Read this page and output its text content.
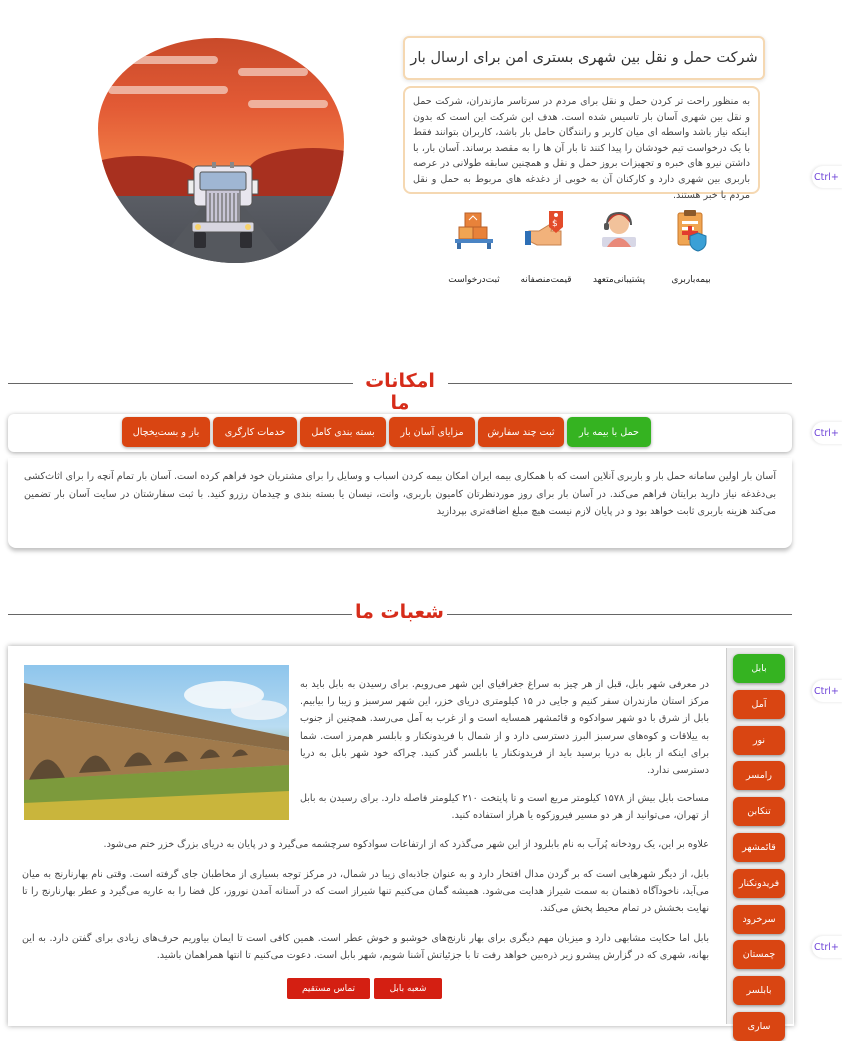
شرکت حمل و نقل بین شهری بستری امن برای ارسال بار
به منظور راحت تر کردن حمل و نقل برای مردم در سرتاسر مازندران، شرکت حمل و نقل بین شهری آسان بار تاسیس شده است. هدف این شرکت این است که بدون اینکه نیاز باشد واسطه ای میان کاربر و رانندگان حامل بار باشد، کاربران بتوانند فقط با یک درخواست تیم خودشان را پیدا کنند تا بار آن ها را به مقصد برساند. آسان بار، با داشتن نیرو های خبره و تجهیزات بروز حمل و نقل و همچنین سابقه طولانی در عرصه باربری بین شهری دارد و کارکنان آن به خوبی از دغدغه های مربوط به حمل و نقل مردم با خبر هستند.
بیمه‌باربری
پشتیبانی‌متعهد
$
قیمت‌منصفانه
ثبت‌درخواست
Ctrl+
امکانات ما
حمل با بیمه بار
ثبت چند سفارش
مزایای آسان بار
بسته بندی کامل
خدمات کارگری
باز و بست‌یخچال
آسان بار اولین سامانه حمل بار و باربری آنلاین است که با همکاری بیمه ایران امکان بیمه کردن اسباب و وسایل را برای مشتریان خود فراهم کرده است. آسان بار تمام آنچه را برای اثاث‌کشی بی‌دغدغه نیاز دارید برایتان فراهم می‌کند. در آسان بار برای روز موردنظرتان کامیون باربری، وانت، نیسان یا بسته بندی و چیدمان رزرو کنید. با ثبت سفارشتان در سایت آسان بار تضمین می‌کند هزینه باربری ثابت خواهد بود و در پایان لازم نیست هیچ مبلغ اضافه‌تری بپردازید
Ctrl+
شعبات ما
بابل
آمل
نور
رامسر
تنکابن
قائمشهر
فریدونکنار
سرخرود
چمستان
بابلسر
ساری
در معرفی شهر بابل، قبل از هر چیز به سراغ جغرافیای این شهر می‌رویم. برای رسیدن به بابل باید به مرکز استان مازندران سفر کنیم و جایی در ۱۵ کیلومتری دریای خزر، این شهر سرسبز و زیبا را بیابیم. بابل از شرق با دو شهر سوادکوه و قائمشهر همسایه است و از غرب به آمل می‌رسد. همچنین از جنوب به ییلاقات و کوه‌های سرسبز البرز دسترسی دارد و از شمال با فریدونکنار و بابلسر هم‌مرز است. شما برای اینکه از بابل به دریا برسید باید از فریدونکنار یا بابلسر گذر کنید. چراکه خود شهر بابل به دریا دسترسی ندارد.
مساحت بابل بیش از ۱۵۷۸ کیلومتر مربع است و تا پایتخت ۲۱۰ کیلومتر فاصله دارد. برای رسیدن به بابل از تهران، می‌توانید از هر دو مسیر فیروزکوه یا هراز استفاده کنید.
علاوه بر این، یک رودخانه پُرآب به نام بابلرود از این شهر می‌گذرد که از ارتفاعات سوادکوه سرچشمه می‌گیرد و در پایان به دریای بزرگ خزر ختم می‌شود.
بابل، از دیگر شهرهایی است که بر گردن مدال افتخار دارد و به عنوان جاذبه‌ای زیبا در شمال، در مرکز توجه بسیاری از مخاطبان جای گرفته است. وقتی نام بهارنارنج به میان می‌آید، ناخودآگاه ذهنمان به سمت شیراز هدایت می‌شود. همیشه گمان می‌کنیم تنها شیراز است که در آستانه آمدن نوروز، کل فضا را به عاریه می‌گیرد و عطر بهارنارنج را تا نهایت بخشش در تمام محیط پخش می‌کند.
بابل اما حکایت مشابهی دارد و میزبان مهم دیگری برای بهار نارنج‌های خوشبو و خوش عطر است. همین کافی است تا ایمان بیاوریم حرف‌های زیادی برای گفتن دارد. به این بهانه، شهری که در گزارش پیشرو زیر ذره‌بین خواهد رفت تا با جزئیاتش آشنا شویم، شهر بابل است. دعوت می‌کنیم تا انتها همراهمان باشید.
شعبه بابل
تماس مستقیم
Ctrl+
Ctrl+
